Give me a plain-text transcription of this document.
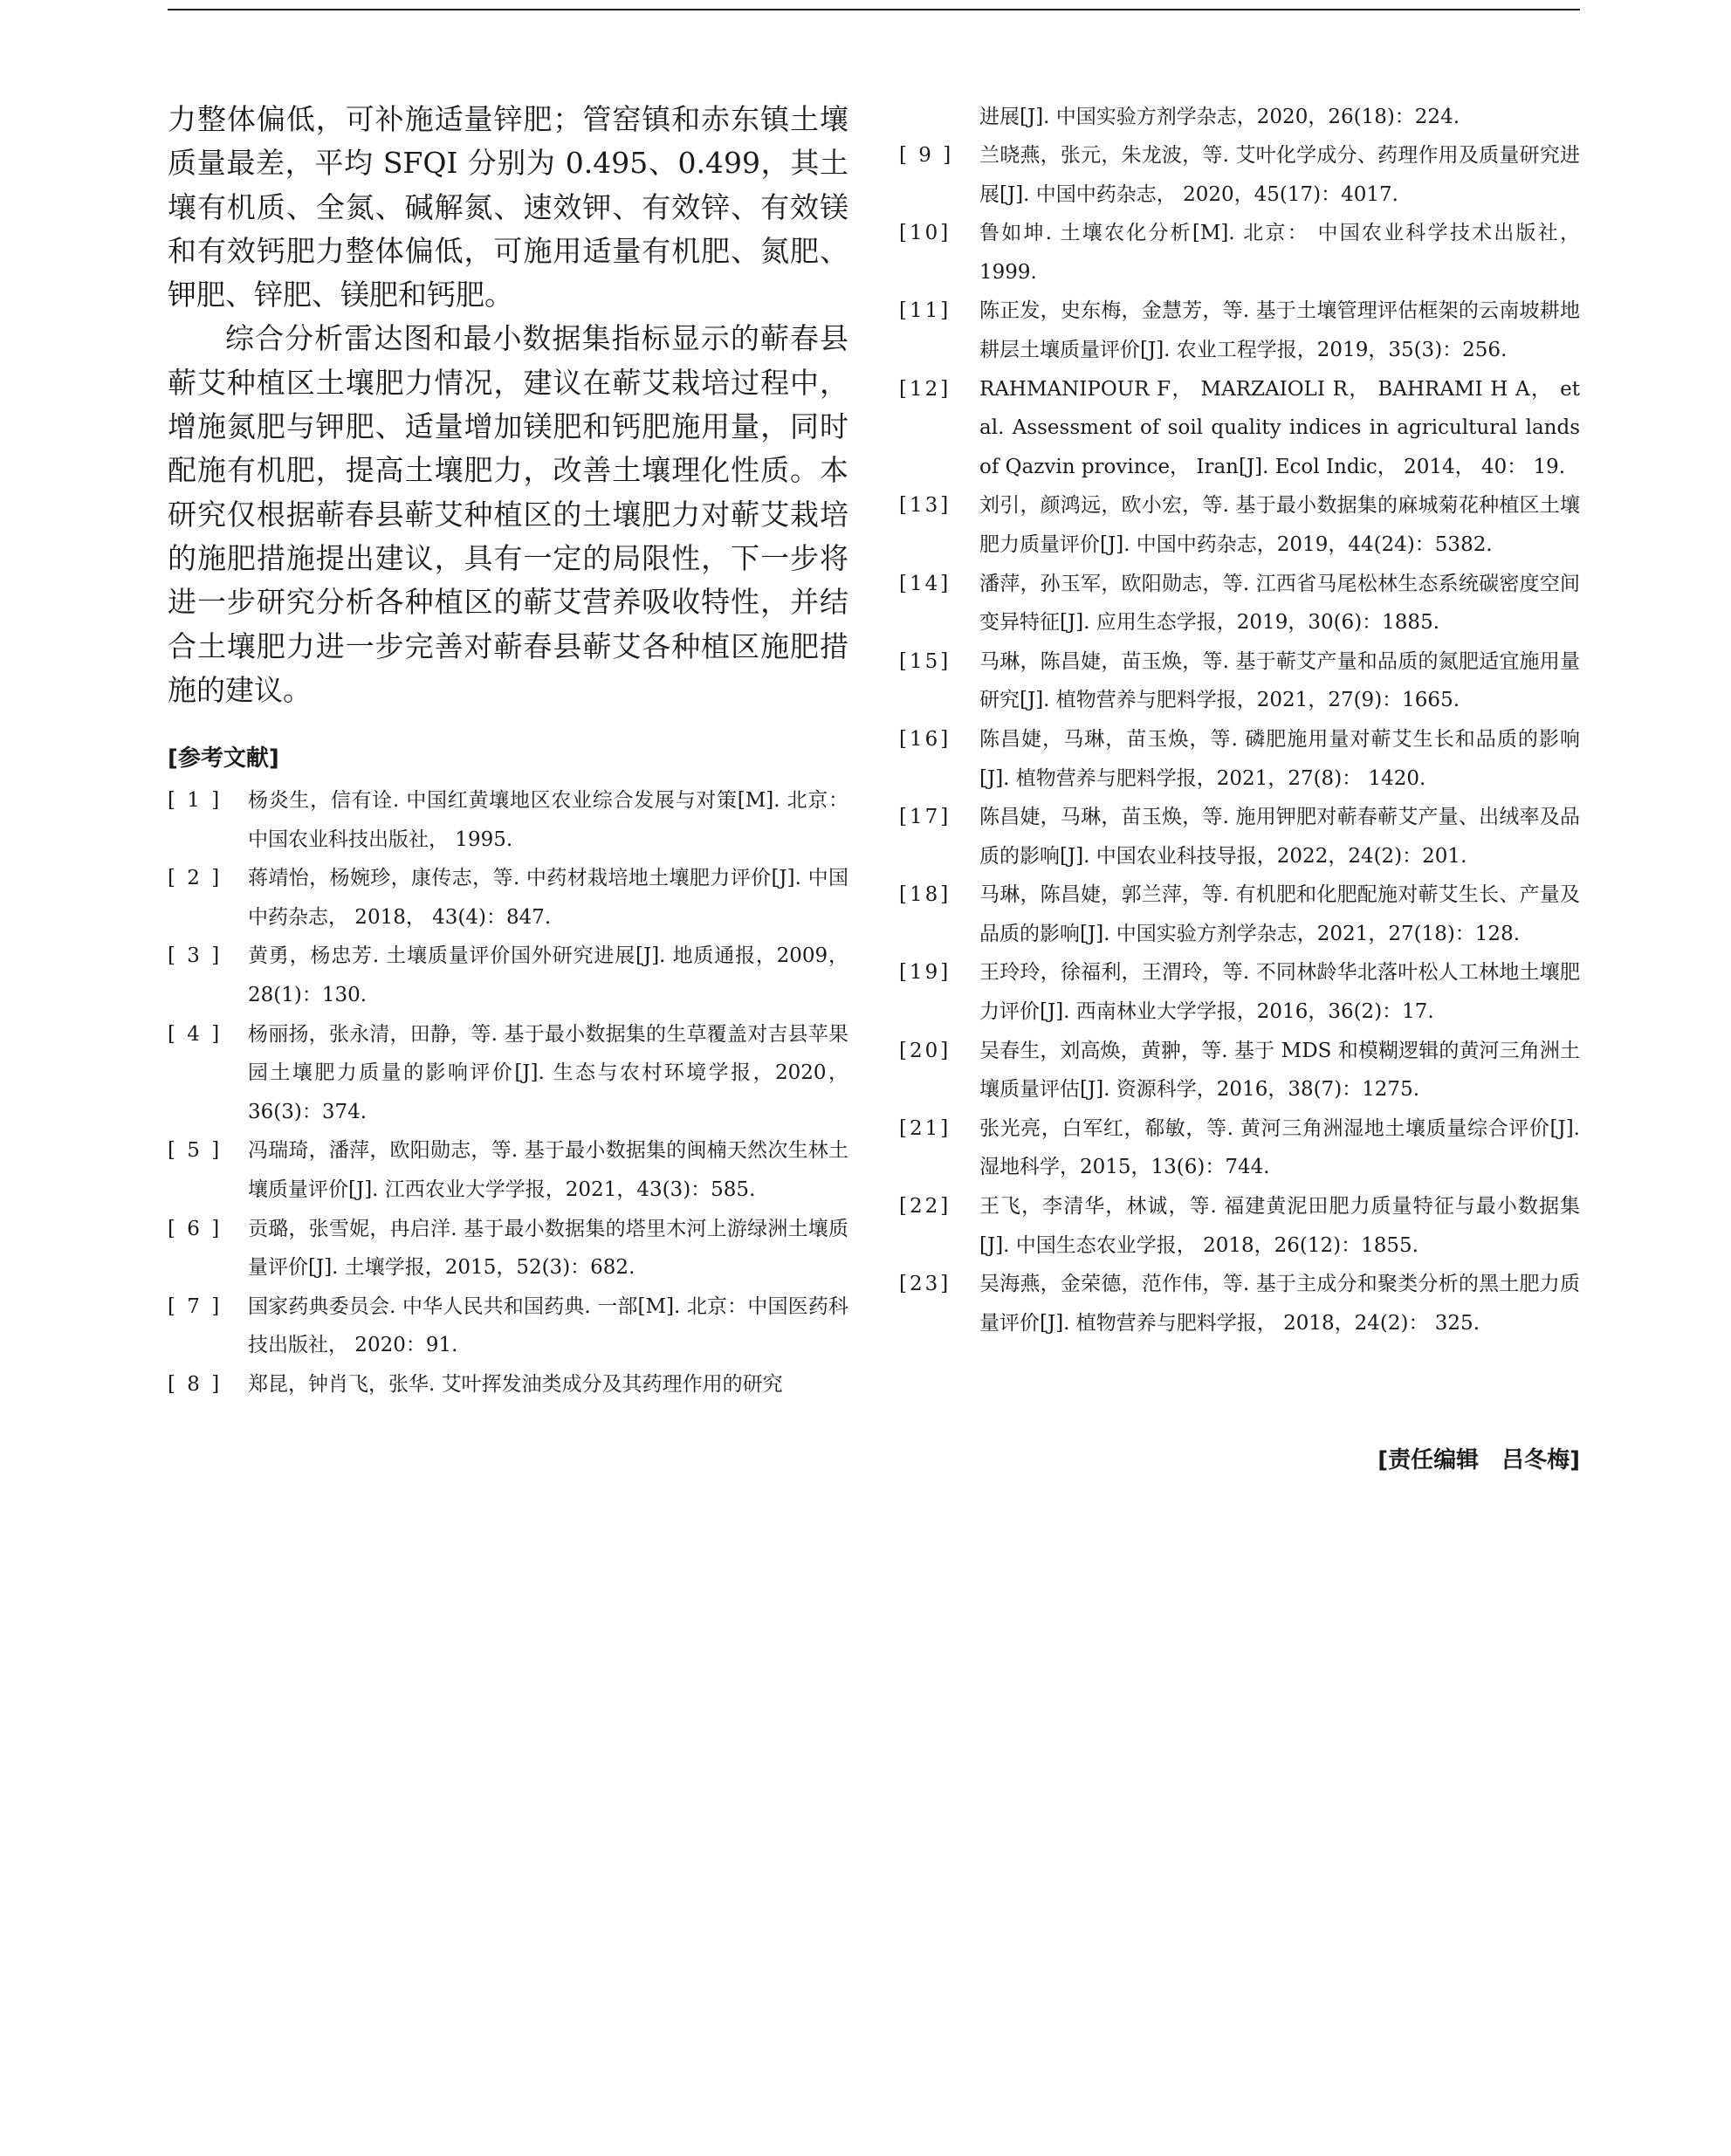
力整体偏低，可补施适量锌肥；管窑镇和赤东镇土壤质量最差，平均 SFQI 分别为 0.495、0.499，其土壤有机质、全氮、碱解氮、速效钾、有效锌、有效镁和有效钙肥力整体偏低，可施用适量有机肥、氮肥、钾肥、锌肥、镁肥和钙肥。

综合分析雷达图和最小数据集指标显示的蕲春县蕲艾种植区土壤肥力情况，建议在蕲艾栽培过程中，增施氮肥与钾肥、适量增加镁肥和钙肥施用量，同时配施有机肥，提高土壤肥力，改善土壤理化性质。本研究仅根据蕲春县蕲艾种植区的土壤肥力对蕲艾栽培的施肥措施提出建议，具有一定的局限性，下一步将进一步研究分析各种植区的蕲艾营养吸收特性，并结合土壤肥力进一步完善对蕲春县蕲艾各种植区施肥措施的建议。

[参考文献]
[ 1 ]	杨炎生，信有诠. 中国红黄壤地区农业综合发展与对策[M]. 北京：中国农业科技出版社， 1995.
[ 2 ]	蒋靖怡，杨婉珍，康传志，等. 中药材栽培地土壤肥力评价[J]. 中国中药杂志， 2018， 43(4)：847.
[ 3 ]	黄勇，杨忠芳. 土壤质量评价国外研究进展[J]. 地质通报，2009，28(1)：130.
[ 4 ]	杨丽扬，张永清，田静，等. 基于最小数据集的生草覆盖对吉县苹果园土壤肥力质量的影响评价[J]. 生态与农村环境学报，2020，36(3)：374.
[ 5 ]	冯瑞琦，潘萍，欧阳勋志，等. 基于最小数据集的闽楠天然次生林土壤质量评价[J]. 江西农业大学学报，2021，43(3)：585.
[ 6 ]	贡璐，张雪妮，冉启洋. 基于最小数据集的塔里木河上游绿洲土壤质量评价[J]. 土壤学报，2015，52(3)：682.
[ 7 ]	国家药典委员会. 中华人民共和国药典. 一部[M]. 北京：中国医药科技出版社， 2020：91.
[ 8 ]	郑昆，钟肖飞，张华. 艾叶挥发油类成分及其药理作用的研究
进展[J]. 中国实验方剂学杂志，2020，26(18)：224.
[ 9 ]	兰晓燕，张元，朱龙波，等. 艾叶化学成分、药理作用及质量研究进展[J]. 中国中药杂志， 2020，45(17)：4017.
[10]	鲁如坤. 土壤农化分析[M]. 北京： 中国农业科学技术出版社， 1999.
[11]	陈正发，史东梅，金慧芳，等. 基于土壤管理评估框架的云南坡耕地耕层土壤质量评价[J]. 农业工程学报，2019，35(3)：256.
[12]	RAHMANIPOUR F， MARZAIOLI R， BAHRAMI H A， et al. Assessment of soil quality indices in agricultural lands of Qazvin province， Iran[J]. Ecol Indic， 2014， 40： 19.
[13]	刘引，颜鸿远，欧小宏，等. 基于最小数据集的麻城菊花种植区土壤肥力质量评价[J]. 中国中药杂志，2019，44(24)：5382.
[14]	潘萍，孙玉军，欧阳勋志，等. 江西省马尾松林生态系统碳密度空间变异特征[J]. 应用生态学报，2019，30(6)：1885.
[15]	马琳，陈昌婕，苗玉焕，等. 基于蕲艾产量和品质的氮肥适宜施用量研究[J]. 植物营养与肥料学报，2021，27(9)：1665.
[16]	陈昌婕，马琳，苗玉焕，等. 磷肥施用量对蕲艾生长和品质的影响[J]. 植物营养与肥料学报，2021，27(8)： 1420.
[17]	陈昌婕，马琳，苗玉焕，等. 施用钾肥对蕲春蕲艾产量、出绒率及品质的影响[J]. 中国农业科技导报，2022，24(2)：201.
[18]	马琳，陈昌婕，郭兰萍，等. 有机肥和化肥配施对蕲艾生长、产量及品质的影响[J]. 中国实验方剂学杂志，2021，27(18)：128.
[19]	王玲玲，徐福利，王渭玲，等. 不同林龄华北落叶松人工林地土壤肥力评价[J]. 西南林业大学学报，2016，36(2)：17.
[20]	吴春生，刘高焕，黄翀，等. 基于 MDS 和模糊逻辑的黄河三角洲土壤质量评估[J]. 资源科学，2016，38(7)：1275.
[21]	张光亮，白军红，郗敏，等. 黄河三角洲湿地土壤质量综合评价[J]. 湿地科学，2015，13(6)：744.
[22]	王飞，李清华，林诚，等. 福建黄泥田肥力质量特征与最小数据集[J]. 中国生态农业学报， 2018，26(12)：1855.
[23]	吴海燕，金荣德，范作伟，等. 基于主成分和聚类分析的黑土肥力质量评价[J]. 植物营养与肥料学报， 2018，24(2)： 325.
[责任编辑　吕冬梅]
